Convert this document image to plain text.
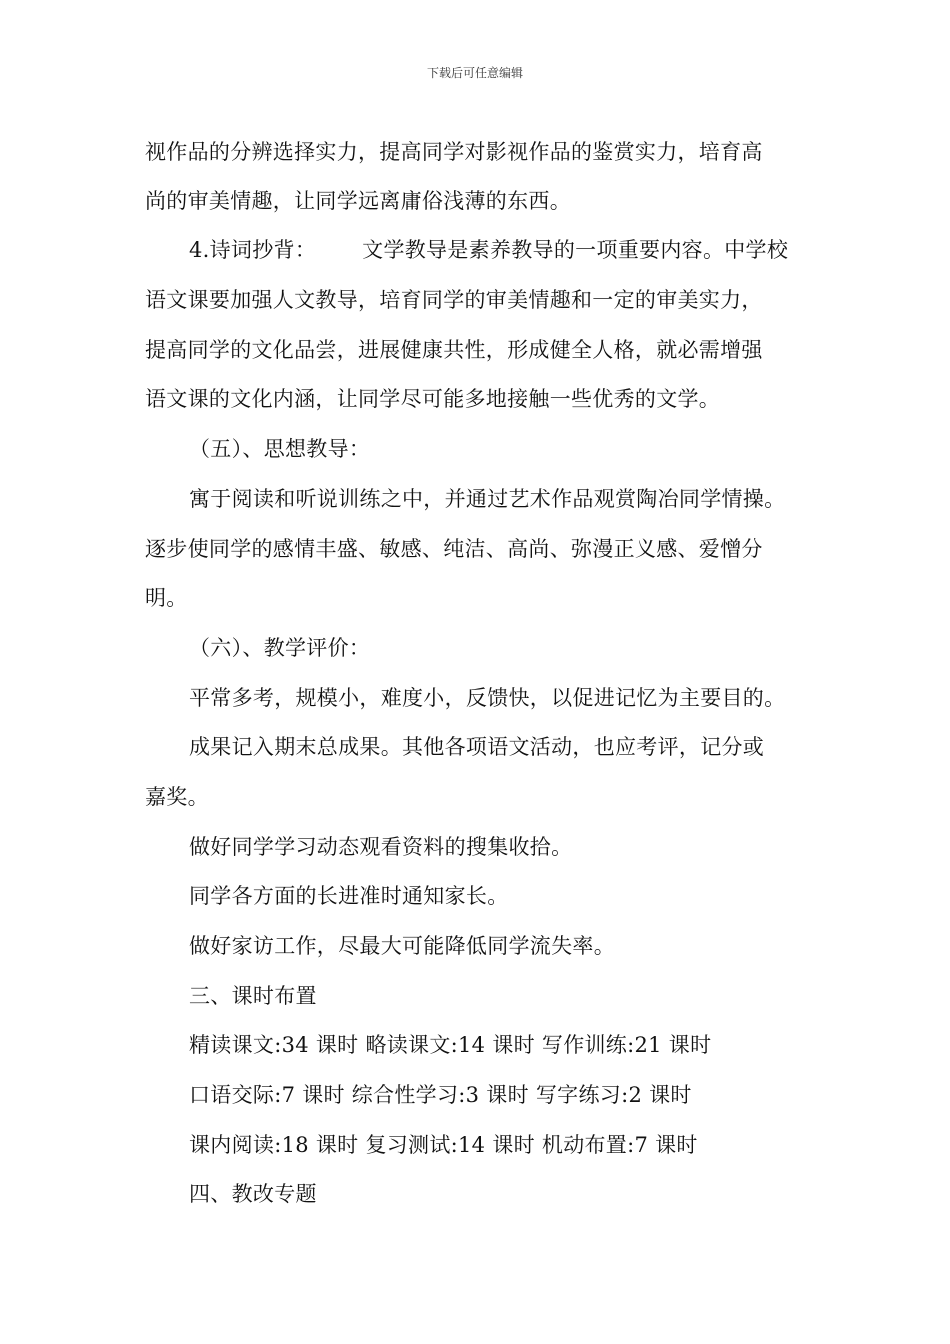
下载后可任意编辑
视作品的分辨选择实力，提高同学对影视作品的鉴赏实力，培育高
尚的审美情趣，让同学远离庸俗浅薄的东西。
4.诗词抄背： 文学教导是素养教导的一项重要内容。中学校
语文课要加强人文教导，培育同学的审美情趣和一定的审美实力，
提高同学的文化品尝，进展健康共性，形成健全人格，就必需增强
语文课的文化内涵，让同学尽可能多地接触一些优秀的文学。
（五）、思想教导：
寓于阅读和听说训练之中，并通过艺术作品观赏陶冶同学情操。
逐步使同学的感情丰盛、敏感、纯洁、高尚、弥漫正义感、爱憎分
明。
（六）、教学评价：
平常多考，规模小，难度小，反馈快，以促进记忆为主要目的。
成果记入期末总成果。其他各项语文活动，也应考评，记分或
嘉奖。
做好同学学习动态观看资料的搜集收拾。
同学各方面的长进准时通知家长。
做好家访工作，尽最大可能降低同学流失率。
三、课时布置
精读课文:34 课时 略读课文:14 课时 写作训练:21 课时
口语交际:7 课时 综合性学习:3 课时 写字练习:2 课时
课内阅读:18 课时 复习测试:14 课时 机动布置:7 课时
四、教改专题
